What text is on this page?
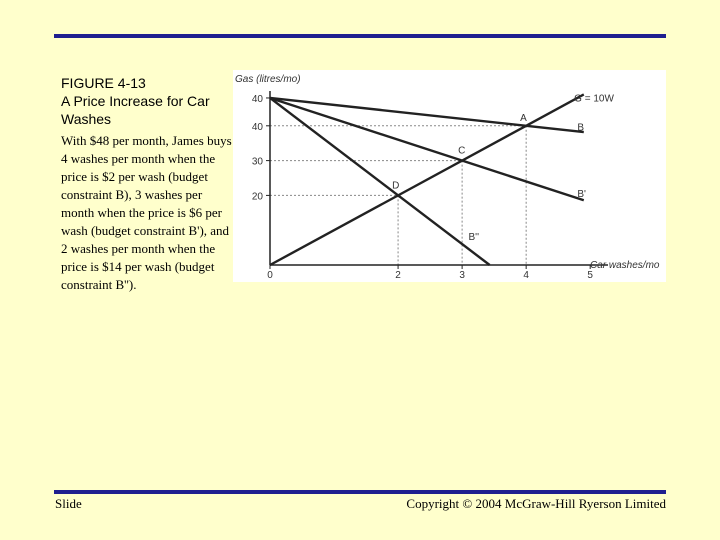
FIGURE 4-13
A Price Increase for Car Washes
With $48 per month, James buys 4 washes per month when the price is $2 per wash (budget constraint B), 3 washes per month when the price is $6 per wash (budget constraint B'), and 2 washes per month when the price is $14 per wash (budget constraint B'').
0	2	3	4	5
20
30
40
40	G = 10W
B
B'
B''
A
C
D
Gas (litres/mo)
Car washes/mo
Slide	Copyright © 2004 McGraw-Hill Ryerson Limited
